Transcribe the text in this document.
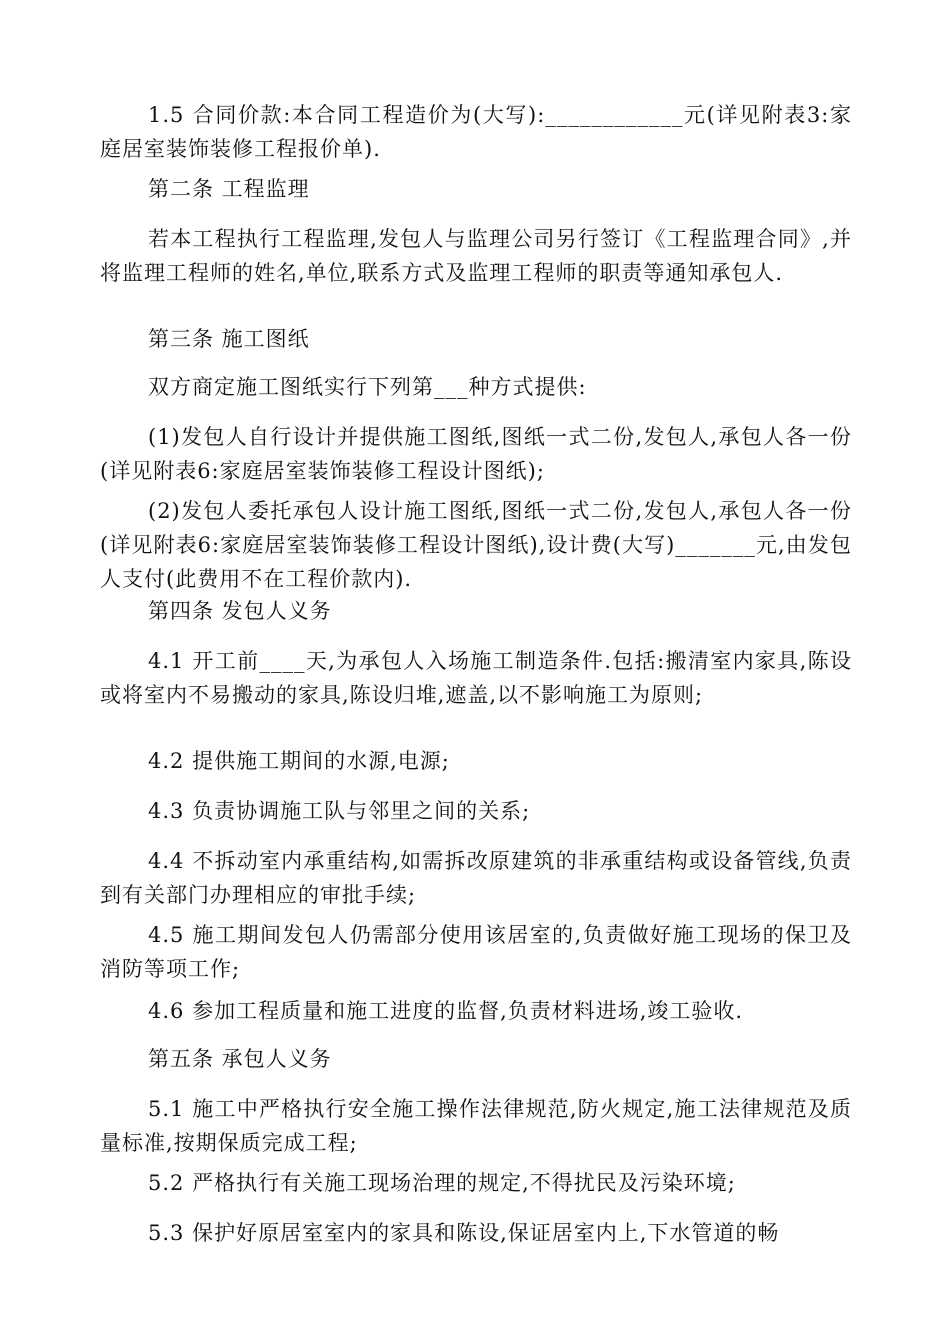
1.5 合同价款:本合同工程造价为(大写):____________元(详见附表3:家庭居室装饰装修工程报价单).

第二条 工程监理

若本工程执行工程监理,发包人与监理公司另行签订《工程监理合同》,并将监理工程师的姓名,单位,联系方式及监理工程师的职责等通知承包人.

第三条 施工图纸

双方商定施工图纸实行下列第___种方式提供:

(1)发包人自行设计并提供施工图纸,图纸一式二份,发包人,承包人各一份(详见附表6:家庭居室装饰装修工程设计图纸);

(2)发包人委托承包人设计施工图纸,图纸一式二份,发包人,承包人各一份(详见附表6:家庭居室装饰装修工程设计图纸),设计费(大写)_______元,由发包人支付(此费用不在工程价款内).

第四条 发包人义务

4.1 开工前____天,为承包人入场施工制造条件.包括:搬清室内家具,陈设或将室内不易搬动的家具,陈设归堆,遮盖,以不影响施工为原则;

4.2 提供施工期间的水源,电源;

4.3 负责协调施工队与邻里之间的关系;

4.4 不拆动室内承重结构,如需拆改原建筑的非承重结构或设备管线,负责到有关部门办理相应的审批手续;

4.5 施工期间发包人仍需部分使用该居室的,负责做好施工现场的保卫及消防等项工作;

4.6 参加工程质量和施工进度的监督,负责材料进场,竣工验收.

第五条 承包人义务

5.1 施工中严格执行安全施工操作法律规范,防火规定,施工法律规范及质量标准,按期保质完成工程;

5.2 严格执行有关施工现场治理的规定,不得扰民及污染环境;

5.3 保护好原居室室内的家具和陈设,保证居室内上,下水管道的畅
